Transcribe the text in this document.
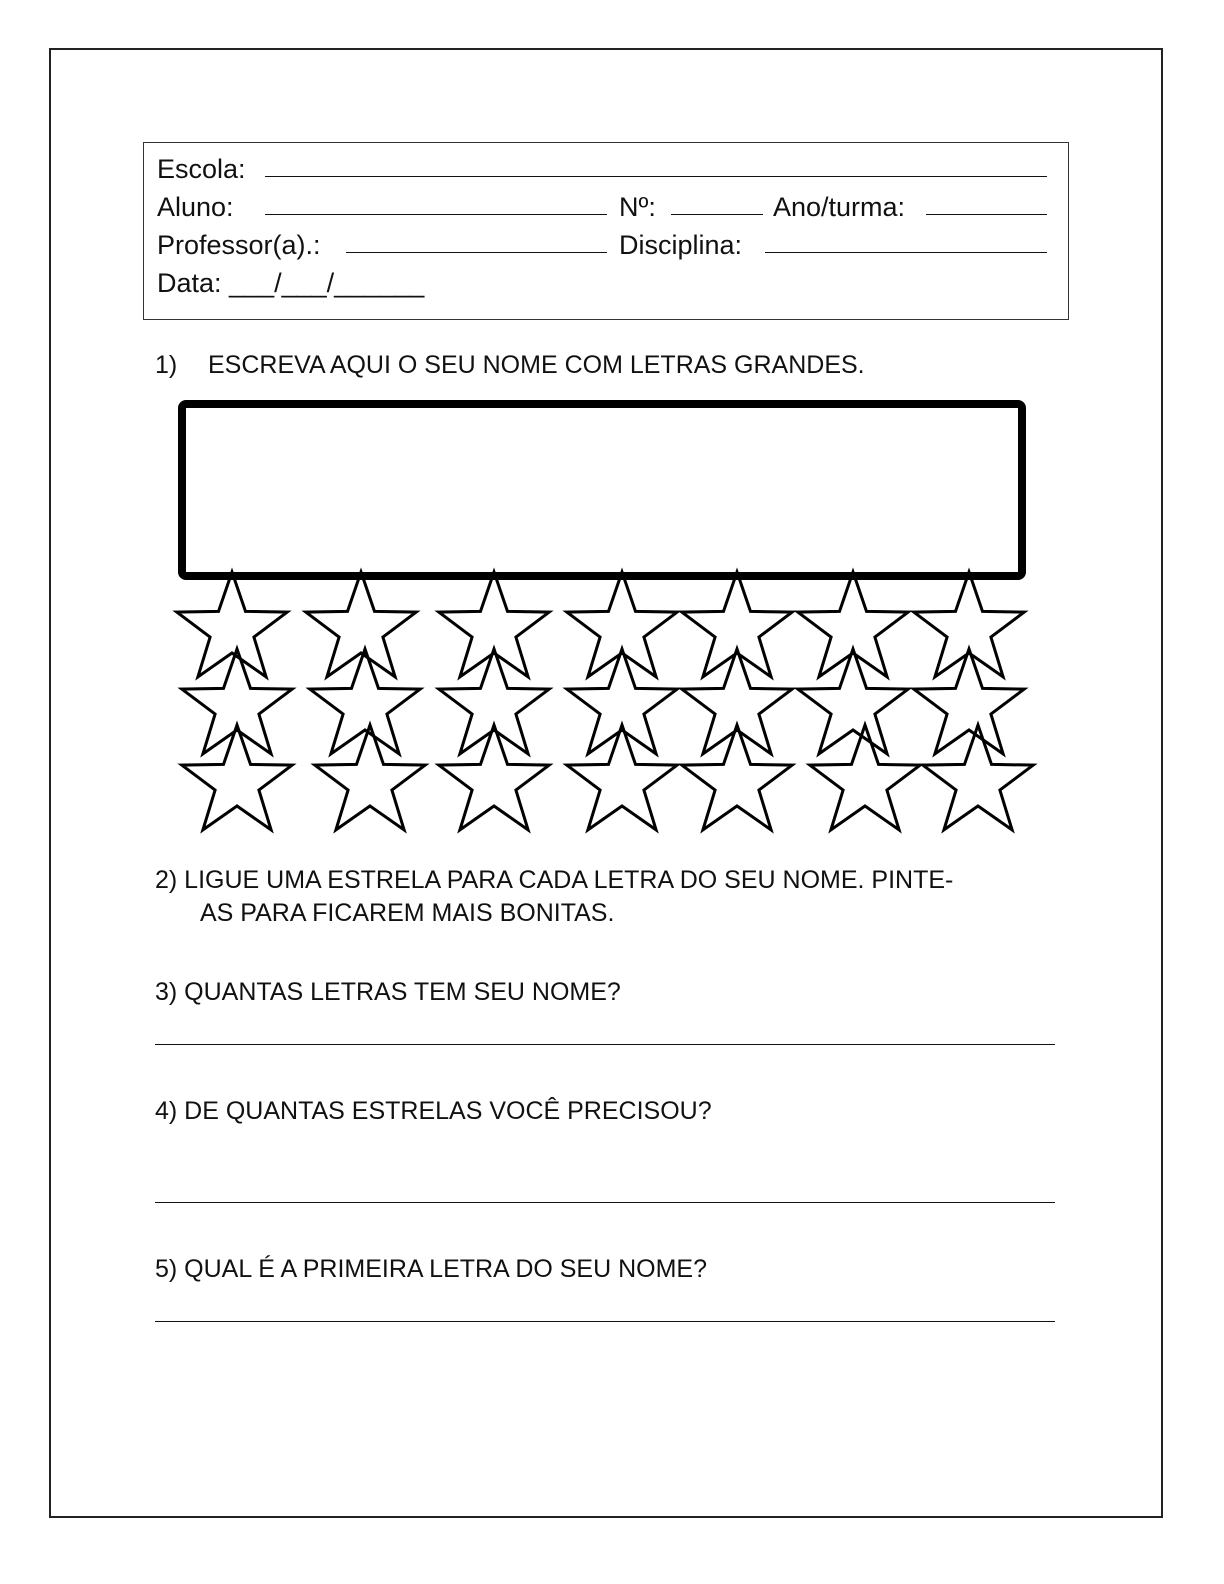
Escola:
Aluno:	Nº:	Ano/turma:
Professor(a).:	Disciplina:
Data: ___/___/______
1) ESCREVA AQUI O SEU NOME COM LETRAS GRANDES.
2) LIGUE UMA ESTRELA PARA CADA LETRA DO SEU NOME. PINTE-
AS PARA FICAREM MAIS BONITAS.
3) QUANTAS LETRAS TEM SEU NOME?
4) DE QUANTAS ESTRELAS VOCÊ PRECISOU?
5) QUAL É A PRIMEIRA LETRA DO SEU NOME?
